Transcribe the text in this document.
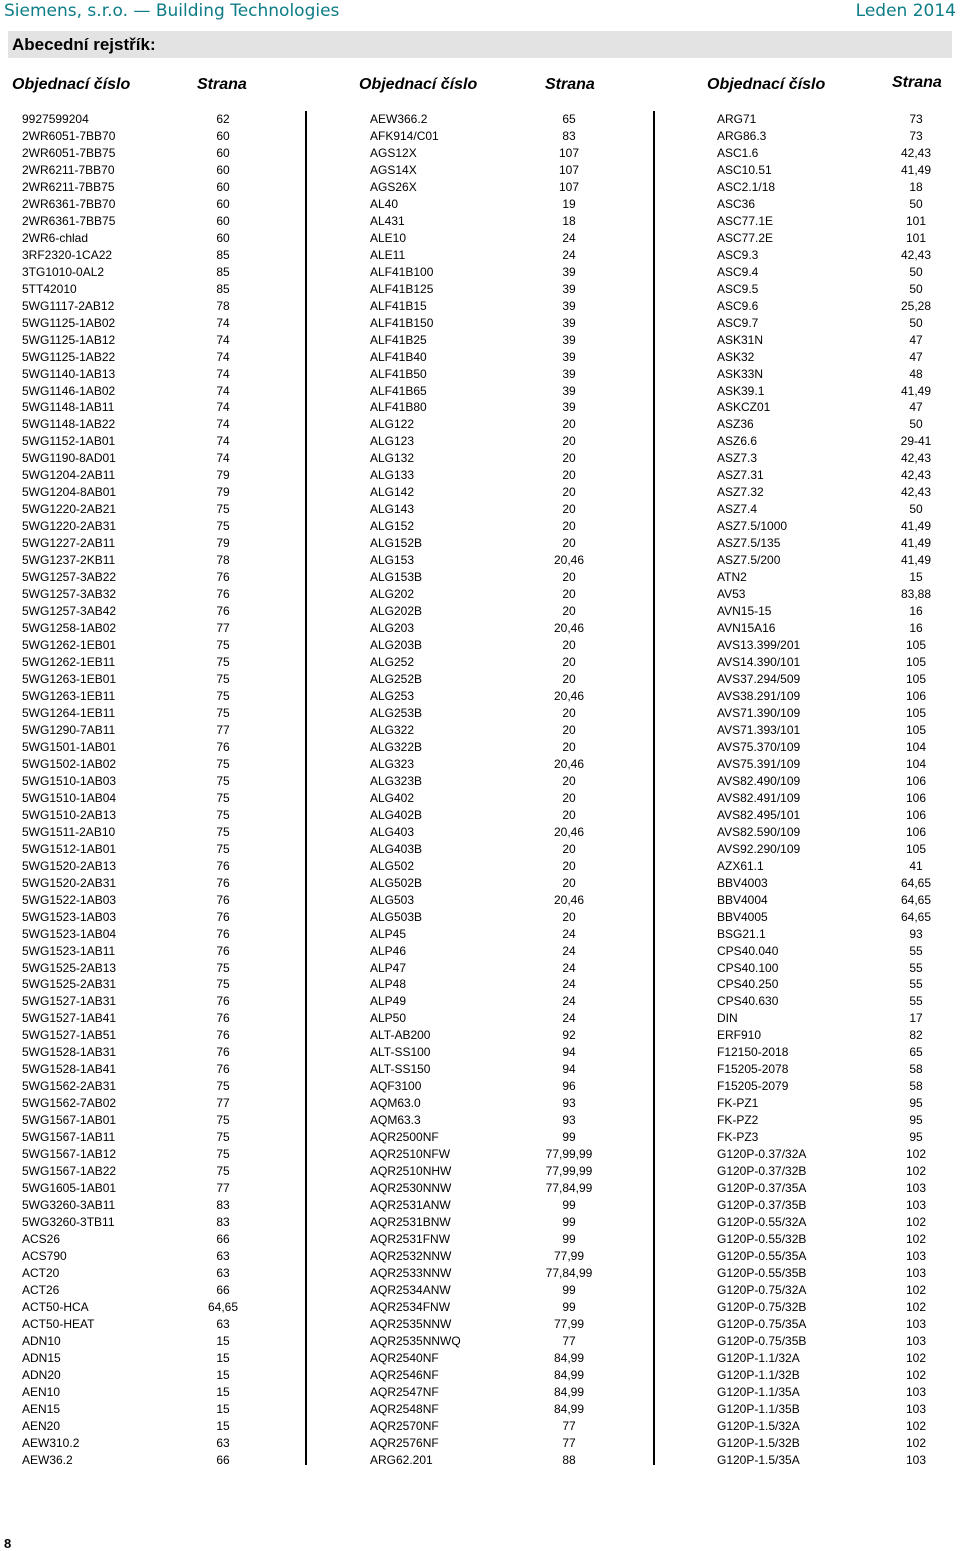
Siemens, s.r.o. — Building Technologies	Leden 2014
Abecední rejstřík:
Objednací číslo	Strana	Objednací číslo	Strana	Objednací číslo	Strana
9927599204	62
2WR6051-7BB70	60
2WR6051-7BB75	60
2WR6211-7BB70	60
2WR6211-7BB75	60
2WR6361-7BB70	60
2WR6361-7BB75	60
2WR6-chlad	60
3RF2320-1CA22	85
3TG1010-0AL2	85
5TT42010	85
5WG1117-2AB12	78
5WG1125-1AB02	74
5WG1125-1AB12	74
5WG1125-1AB22	74
5WG1140-1AB13	74
5WG1146-1AB02	74
5WG1148-1AB11	74
5WG1148-1AB22	74
5WG1152-1AB01	74
5WG1190-8AD01	74
5WG1204-2AB11	79
5WG1204-8AB01	79
5WG1220-2AB21	75
5WG1220-2AB31	75
5WG1227-2AB11	79
5WG1237-2KB11	78
5WG1257-3AB22	76
5WG1257-3AB32	76
5WG1257-3AB42	76
5WG1258-1AB02	77
5WG1262-1EB01	75
5WG1262-1EB11	75
5WG1263-1EB01	75
5WG1263-1EB11	75
5WG1264-1EB11	75
5WG1290-7AB11	77
5WG1501-1AB01	76
5WG1502-1AB02	75
5WG1510-1AB03	75
5WG1510-1AB04	75
5WG1510-2AB13	75
5WG1511-2AB10	75
5WG1512-1AB01	75
5WG1520-2AB13	76
5WG1520-2AB31	76
5WG1522-1AB03	76
5WG1523-1AB03	76
5WG1523-1AB04	76
5WG1523-1AB11	76
5WG1525-2AB13	75
5WG1525-2AB31	75
5WG1527-1AB31	76
5WG1527-1AB41	76
5WG1527-1AB51	76
5WG1528-1AB31	76
5WG1528-1AB41	76
5WG1562-2AB31	75
5WG1562-7AB02	77
5WG1567-1AB01	75
5WG1567-1AB11	75
5WG1567-1AB12	75
5WG1567-1AB22	75
5WG1605-1AB01	77
5WG3260-3AB11	83
5WG3260-3TB11	83
ACS26	66
ACS790	63
ACT20	63
ACT26	66
ACT50-HCA	64,65
ACT50-HEAT	63
ADN10	15
ADN15	15
ADN20	15
AEN10	15
AEN15	15
AEN20	15
AEW310.2	63
AEW36.2	66
AEW366.2	65
AFK914/C01	83
AGS12X	107
AGS14X	107
AGS26X	107
AL40	19
AL431	18
ALE10	24
ALE11	24
ALF41B100	39
ALF41B125	39
ALF41B15	39
ALF41B150	39
ALF41B25	39
ALF41B40	39
ALF41B50	39
ALF41B65	39
ALF41B80	39
ALG122	20
ALG123	20
ALG132	20
ALG133	20
ALG142	20
ALG143	20
ALG152	20
ALG152B	20
ALG153	20,46
ALG153B	20
ALG202	20
ALG202B	20
ALG203	20,46
ALG203B	20
ALG252	20
ALG252B	20
ALG253	20,46
ALG253B	20
ALG322	20
ALG322B	20
ALG323	20,46
ALG323B	20
ALG402	20
ALG402B	20
ALG403	20,46
ALG403B	20
ALG502	20
ALG502B	20
ALG503	20,46
ALG503B	20
ALP45	24
ALP46	24
ALP47	24
ALP48	24
ALP49	24
ALP50	24
ALT-AB200	92
ALT-SS100	94
ALT-SS150	94
AQF3100	96
AQM63.0	93
AQM63.3	93
AQR2500NF	99
AQR2510NFW	77,99,99
AQR2510NHW	77,99,99
AQR2530NNW	77,84,99
AQR2531ANW	99
AQR2531BNW	99
AQR2531FNW	99
AQR2532NNW	77,99
AQR2533NNW	77,84,99
AQR2534ANW	99
AQR2534FNW	99
AQR2535NNW	77,99
AQR2535NNWQ	77
AQR2540NF	84,99
AQR2546NF	84,99
AQR2547NF	84,99
AQR2548NF	84,99
AQR2570NF	77
AQR2576NF	77
ARG62.201	88
ARG71	73
ARG86.3	73
ASC1.6	42,43
ASC10.51	41,49
ASC2.1/18	18
ASC36	50
ASC77.1E	101
ASC77.2E	101
ASC9.3	42,43
ASC9.4	50
ASC9.5	50
ASC9.6	25,28
ASC9.7	50
ASK31N	47
ASK32	47
ASK33N	48
ASK39.1	41,49
ASKCZ01	47
ASZ36	50
ASZ6.6	29-41
ASZ7.3	42,43
ASZ7.31	42,43
ASZ7.32	42,43
ASZ7.4	50
ASZ7.5/1000	41,49
ASZ7.5/135	41,49
ASZ7.5/200	41,49
ATN2	15
AV53	83,88
AVN15-15	16
AVN15A16	16
AVS13.399/201	105
AVS14.390/101	105
AVS37.294/509	105
AVS38.291/109	106
AVS71.390/109	105
AVS71.393/101	105
AVS75.370/109	104
AVS75.391/109	104
AVS82.490/109	106
AVS82.491/109	106
AVS82.495/101	106
AVS82.590/109	106
AVS92.290/109	105
AZX61.1	41
BBV4003	64,65
BBV4004	64,65
BBV4005	64,65
BSG21.1	93
CPS40.040	55
CPS40.100	55
CPS40.250	55
CPS40.630	55
DIN	17
ERF910	82
F12150-2018	65
F15205-2078	58
F15205-2079	58
FK-PZ1	95
FK-PZ2	95
FK-PZ3	95
G120P-0.37/32A	102
G120P-0.37/32B	102
G120P-0.37/35A	103
G120P-0.37/35B	103
G120P-0.55/32A	102
G120P-0.55/32B	102
G120P-0.55/35A	103
G120P-0.55/35B	103
G120P-0.75/32A	102
G120P-0.75/32B	102
G120P-0.75/35A	103
G120P-0.75/35B	103
G120P-1.1/32A	102
G120P-1.1/32B	102
G120P-1.1/35A	103
G120P-1.1/35B	103
G120P-1.5/32A	102
G120P-1.5/32B	102
G120P-1.5/35A	103
8
